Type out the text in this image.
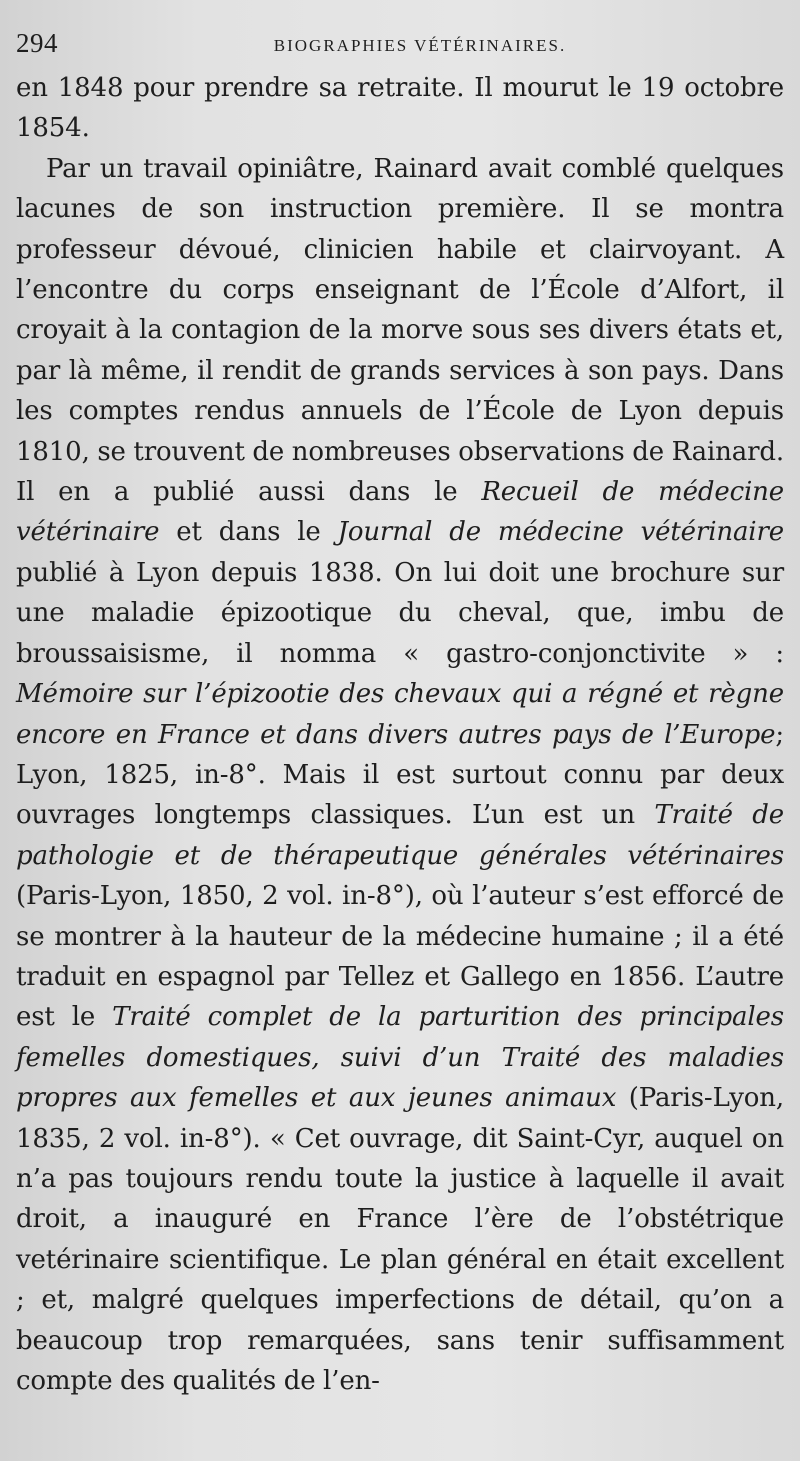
294	BIOGRAPHIES VÉTÉRINAIRES.

en 1848 pour prendre sa retraite. Il mourut le 19 octobre 1854.

Par un travail opiniâtre, Rainard avait comblé quelques lacunes de son instruction première. Il se montra professeur dévoué, clinicien habile et clairvoyant. A l’encontre du corps enseignant de l’École d’Alfort, il croyait à la contagion de la morve sous ses divers états et, par là même, il rendit de grands services à son pays. Dans les comptes rendus annuels de l’École de Lyon depuis 1810, se trouvent de nombreuses observations de Rainard. Il en a publié aussi dans le Recueil de médecine vétérinaire et dans le Journal de médecine vétérinaire publié à Lyon depuis 1838. On lui doit une brochure sur une maladie épizootique du cheval, que, imbu de broussaisisme, il nomma « gastro-conjonctivite » : Mémoire sur l’épizootie des chevaux qui a régné et règne encore en France et dans divers autres pays de l’Europe; Lyon, 1825, in-8°. Mais il est surtout connu par deux ouvrages longtemps classiques. L’un est un Traité de pathologie et de thérapeutique générales vétérinaires (Paris-Lyon, 1850, 2 vol. in-8°), où l’auteur s’est efforcé de se montrer à la hauteur de la médecine humaine ; il a été traduit en espagnol par Tellez et Gallego en 1856. L’autre est le Traité complet de la parturition des principales femelles domestiques, suivi d’un Traité des maladies propres aux femelles et aux jeunes animaux (Paris-Lyon, 1835, 2 vol. in-8°). « Cet ouvrage, dit Saint-Cyr, auquel on n’a pas toujours rendu toute la justice à laquelle il avait droit, a inauguré en France l’ère de l’obstétrique vetérinaire scientifique. Le plan général en était excellent ; et, malgré quelques imperfections de détail, qu’on a beaucoup trop remarquées, sans tenir suffisamment compte des qualités de l’en-
